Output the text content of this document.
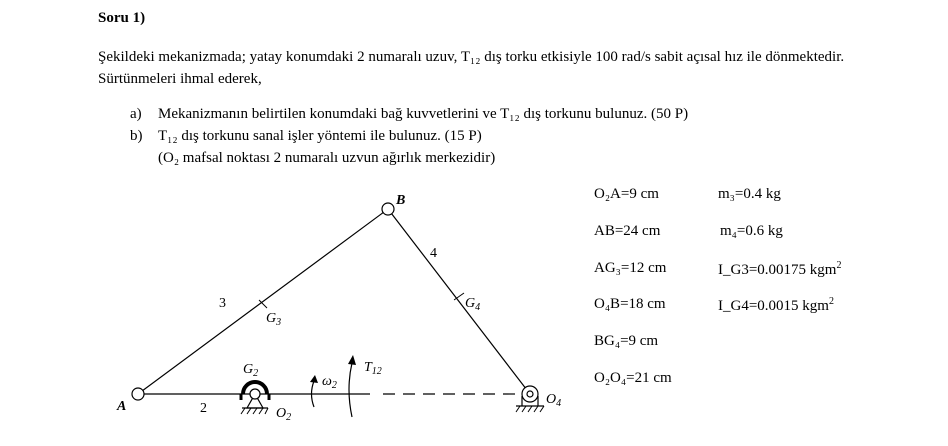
Soru 1)
Şekildeki mekanizmada; yatay konumdaki 2 numaralı uzuv, T₁₂ dış torku etkisiyle 100 rad/s sabit açısal hız ile dönmektedir. Sürtünmeleri ihmal ederek,
a) Mekanizmanın belirtilen konumdaki bağ kuvvetlerini ve T₁₂ dış torkunu bulunuz. (50 P)
b) T₁₂ dış torkunu sanal işler yöntemi ile bulunuz. (15 P)
(O₂ mafsal noktası 2 numaralı uzvun ağırlık merkezidir)
A
B
2
3
4
$G_3$
$G_4$
$G_2$
$O_2$
$O_4$
$\omega_2$
$T_{12}$
O₂A=9 cm
AB=24 cm
AG₃=12 cm
O₄B=18 cm
BG₄=9 cm
O₂O₄=21 cm
m₃=0.4 kg
m₄=0.6 kg
I_G3=0.00175 kgm$^2$
I_G4=0.0015 kgm$^2$
